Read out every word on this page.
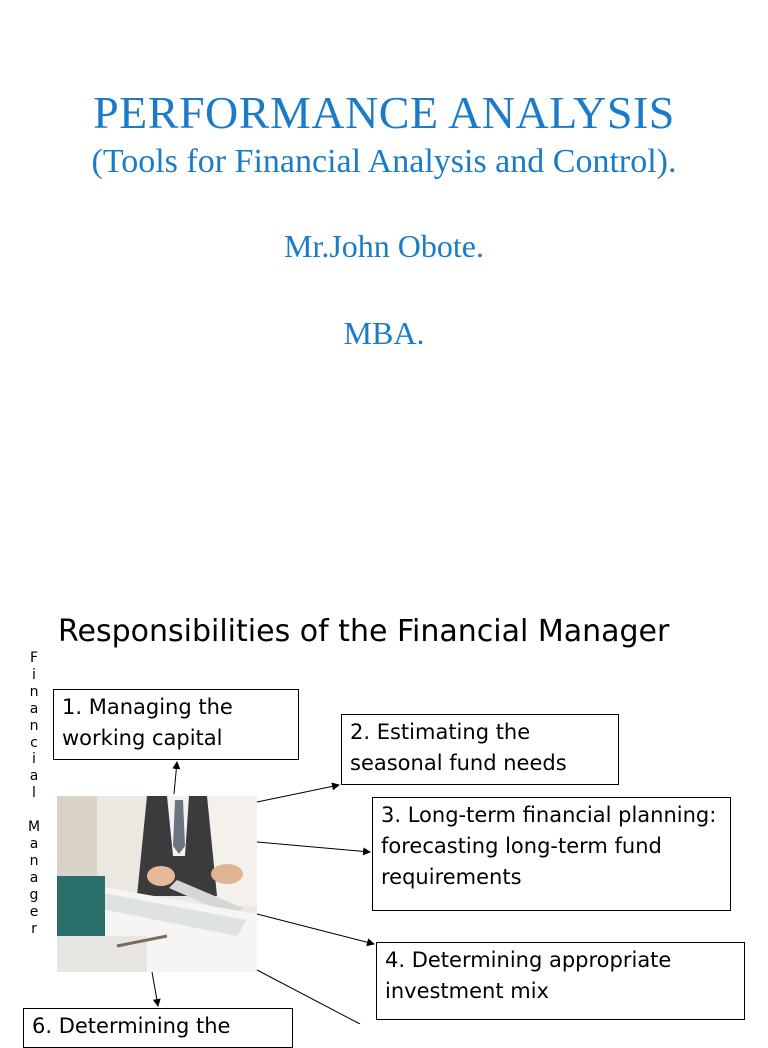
PERFORMANCE ANALYSIS
(Tools for Financial Analysis and Control).
Mr.John Obote.
MBA.
Responsibilities of the Financial Manager
F
i
n
a
n
c
i
a
l

M
a
n
a
g
e
r
1. Managing the working capital	2. Estimating the seasonal fund needs
3. Long-term financial planning: forecasting long-term fund requirements
4. Determining appropriate investment mix
6. Determining the
